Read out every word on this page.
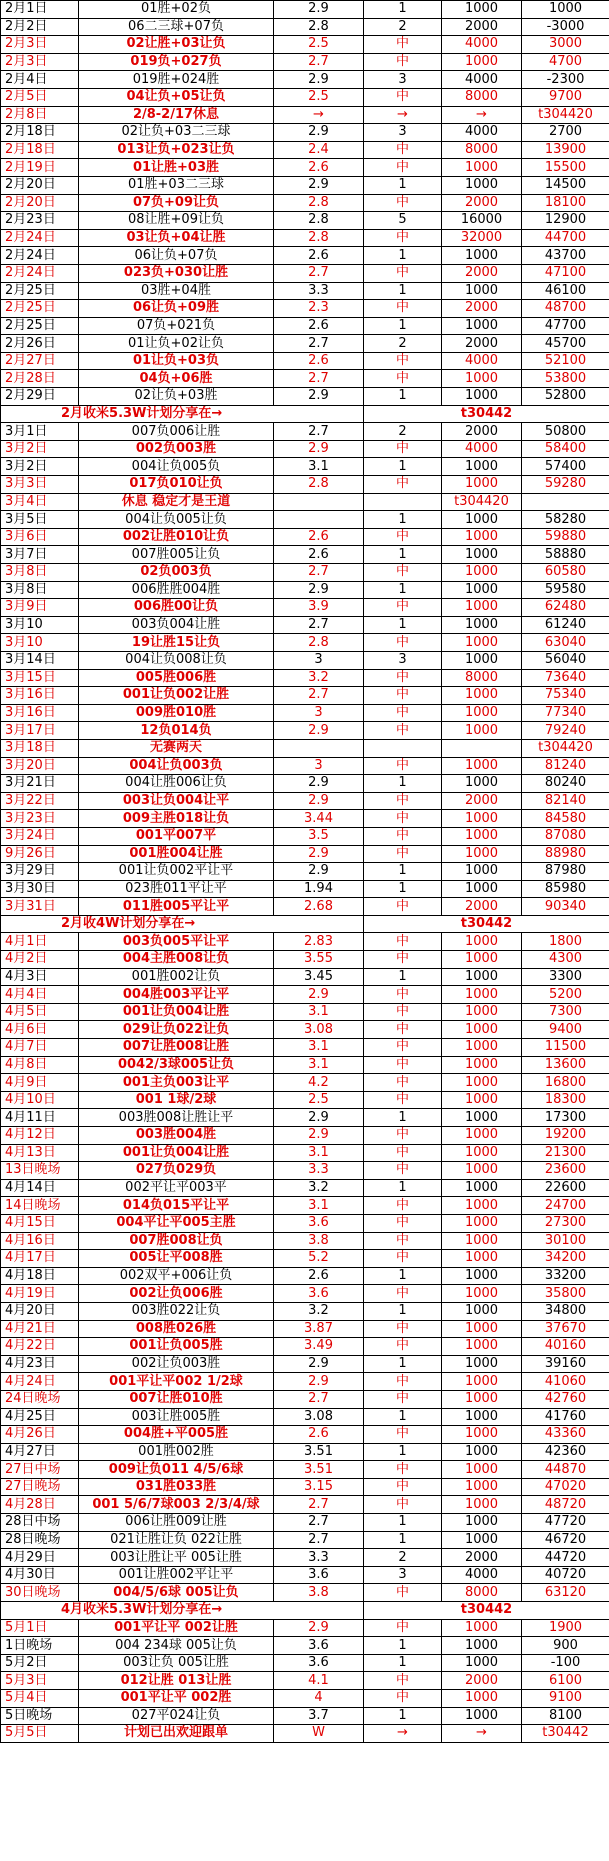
2月1日	01胜+02负	2.9	1	1000	1000
2月2日	06二三球+07负	2.8	2	2000	-3000
2月3日	02让胜+03让负	2.5	中	4000	3000
2月3日	019负+027负	2.7	中	1000	4700
2月4日	019胜+024胜	2.9	3	4000	-2300
2月5日	04让负+05让负	2.5	中	8000	9700
2月8日	2/8-2/17休息	→	→	→	t304420
2月18日	02让负+03二三球	2.9	3	4000	2700
2月18日	013让负+023让负	2.4	中	8000	13900
2月19日	01让胜+03胜	2.6	中	1000	15500
2月20日	01胜+03二三球	2.9	1	1000	14500
2月20日	07负+09让负	2.8	中	2000	18100
2月23日	08让胜+09让负	2.8	5	16000	12900
2月24日	03让负+04让胜	2.8	中	32000	44700
2月24日	06让负+07负	2.6	1	1000	43700
2月24日	023负+030让胜	2.7	中	2000	47100
2月25日	03胜+04胜	3.3	1	1000	46100
2月25日	06让负+09胜	2.3	中	2000	48700
2月25日	07负+021负	2.6	1	1000	47700
2月26日	01让负+02让负	2.7	2	2000	45700
2月27日	01让负+03负	2.6	中	4000	52100
2月28日	04负+06胜	2.7	中	1000	53800
2月29日	02让负+03胜	2.9	1	1000	52800
2月收米5.3W计划分享在→			t30442		
3月1日	007负006让胜	2.7	2	2000	50800
3月2日	002负003胜	2.9	中	4000	58400
3月2日	004让负005负	3.1	1	1000	57400
3月3日	017负010让负	2.8	中	1000	59280
3月4日	休息 稳定才是王道			t304420	
3月5日	004让负005让负		1	1000	58280
3月6日	002让胜010让负	2.6	中	1000	59880
3月7日	007胜005让负	2.6	1	1000	58880
3月8日	02负003负	2.7	中	1000	60580
3月8日	006胜胜004胜	2.9	1	1000	59580
3月9日	006胜00让负	3.9	中	1000	62480
3月10	003负004让胜	2.7	1	1000	61240
3月10	19让胜15让负	2.8	中	1000	63040
3月14日	004让负008让负	3	3	1000	56040
3月15日	005胜006胜	3.2	中	8000	73640
3月16日	001让负002让胜	2.7	中	1000	75340
3月16日	009胜010胜	3	中	1000	77340
3月17日	12负014负	2.9	中	1000	79240
3月18日	无赛两天				t304420
3月20日	004让负003负	3	中	1000	81240
3月21日	004让胜006让负	2.9	1	1000	80240
3月22日	003让负004让平	2.9	中	2000	82140
3月23日	009主胜018让负	3.44	中	1000	84580
3月24日	001平007平	3.5	中	1000	87080
9月26日	001胜004让胜	2.9	中	1000	88980
3月29日	001让负002平让平	2.9	1	1000	87980
3月30日	023胜011平让平	1.94	1	1000	85980
3月31日	011胜005平让平	2.68	中	2000	90340
2月收4W计划分享在→			t30442		
4月1日	003负005平让平	2.83	中	1000	1800
4月2日	004主胜008让负	3.55	中	1000	4300
4月3日	001胜002让负	3.45	1	1000	3300
4月4日	004胜003平让平	2.9	中	1000	5200
4月5日	001让负004让胜	3.1	中	1000	7300
4月6日	029让负022让负	3.08	中	1000	9400
4月7日	007让胜008让胜	3.1	中	1000	11500
4月8日	0042/3球005让负	3.1	中	1000	13600
4月9日	001主负003让平	4.2	中	1000	16800
4月10日	001 1球/2球	2.5	中	1000	18300
4月11日	003胜008让胜让平	2.9	1	1000	17300
4月12日	003胜004胜	2.9	中	1000	19200
4月13日	001让负004让胜	3.1	中	1000	21300
13日晚场	027负029负	3.3	中	1000	23600
4月14日	002平让平003平	3.2	1	1000	22600
14日晚场	014负015平让平	3.1	中	1000	24700
4月15日	004平让平005主胜	3.6	中	1000	27300
4月16日	007胜008让负	3.8	中	1000	30100
4月17日	005让平008胜	5.2	中	1000	34200
4月18日	002双平+006让负	2.6	1	1000	33200
4月19日	002让负006胜	3.6	中	1000	35800
4月20日	003胜022让负	3.2	1	1000	34800
4月21日	008胜026胜	3.87	中	1000	37670
4月22日	001让负005胜	3.49	中	1000	40160
4月23日	002让负003胜	2.9	1	1000	39160
4月24日	001平让平002 1/2球	2.9	中	1000	41060
24日晚场	007让胜010胜	2.7	中	1000	42760
4月25日	003让胜005胜	3.08	1	1000	41760
4月26日	004胜+平005胜	2.6	中	1000	43360
4月27日	001胜002胜	3.51	1	1000	42360
27日中场	009让负011 4/5/6球	3.51	中	1000	44870
27日晚场	031胜033胜	3.15	中	1000	47020
4月28日	001 5/6/7球003 2/3/4/球	2.7	中	1000	48720
28日中场	006让胜009让胜	2.7	1	1000	47720
28日晚场	021让胜让负 022让胜	2.7	1	1000	46720
4月29日	003让胜让平 005让胜	3.3	2	2000	44720
4月30日	001让胜002平让平	3.6	3	4000	40720
30日晚场	004/5/6球 005让负	3.8	中	8000	63120
4月收米5.3W计划分享在→			t30442		
5月1日	001平让平 002让胜	2.9	中	1000	1900
1日晚场	004 234球 005让负	3.6	1	1000	900
5月2日	003让负 005让胜	3.6	1	1000	-100
5月3日	012让胜 013让胜	4.1	中	2000	6100
5月4日	001平让平 002胜	4	中	1000	9100
5日晚场	027平024让负	3.7	1	1000	8100
5月5日	计划已出欢迎跟单	W	→	→	t30442
